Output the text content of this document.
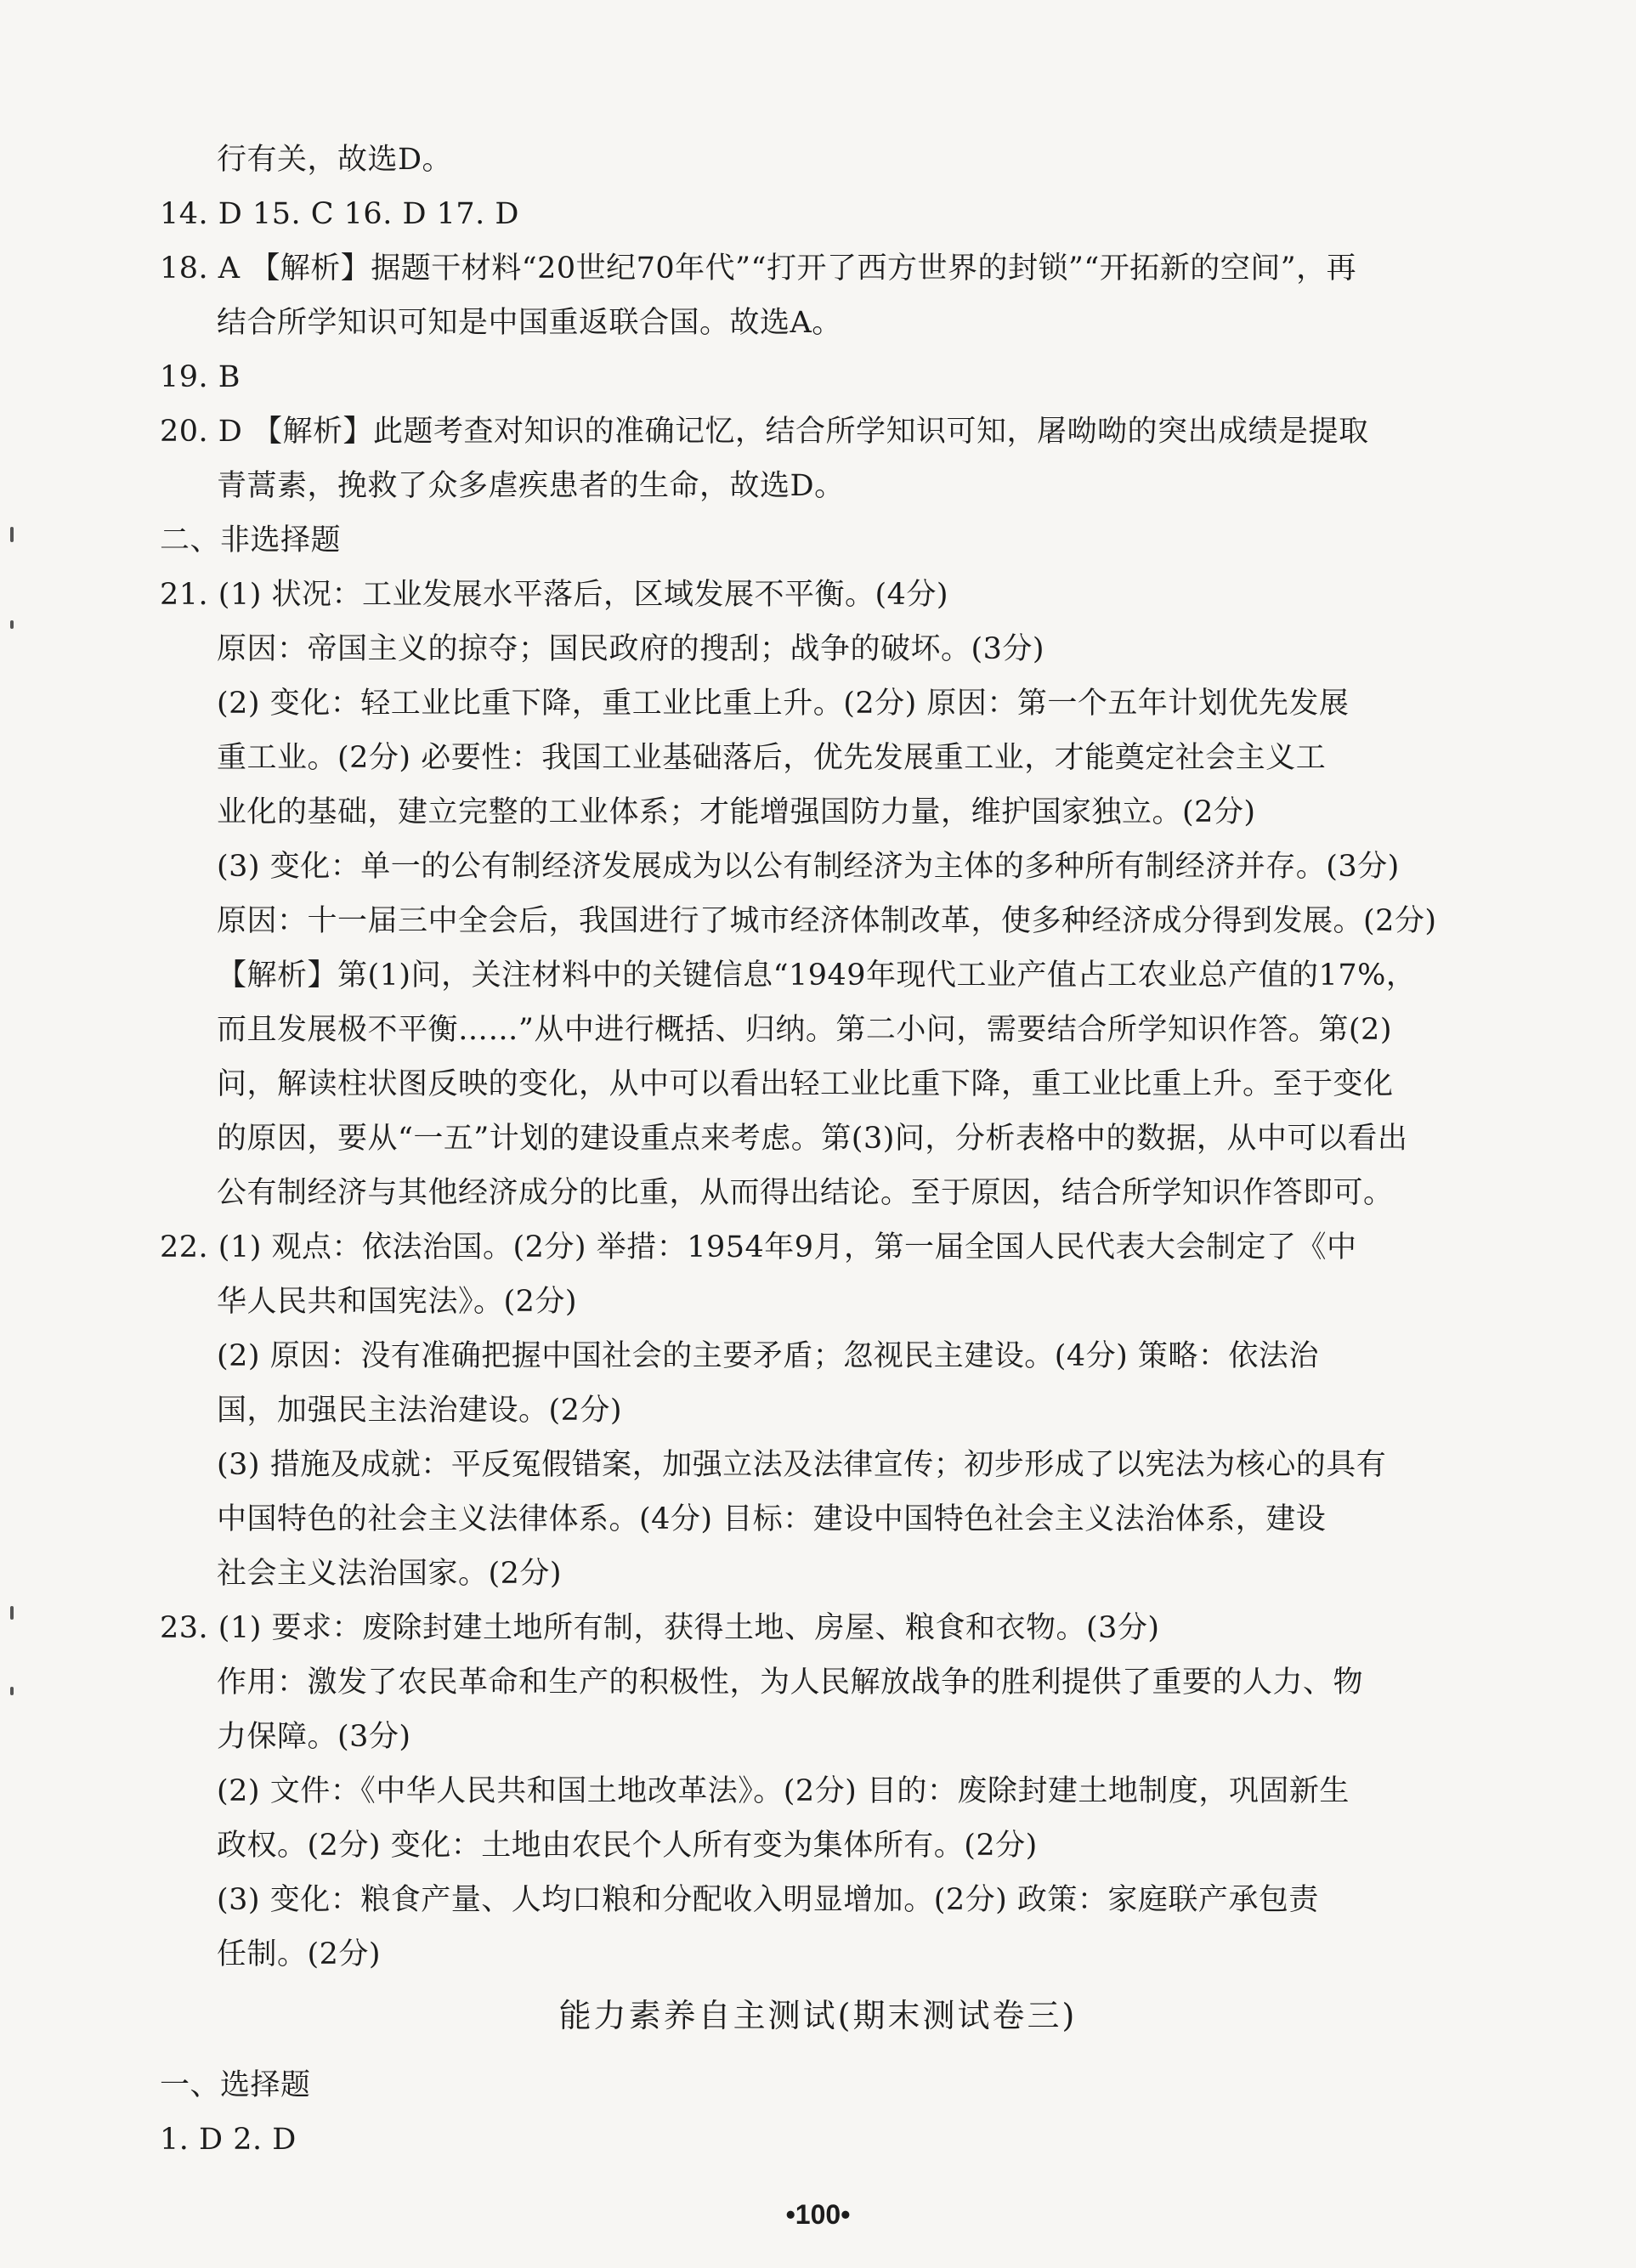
行有关，故选D。
14. D 15. C 16. D 17. D
18. A 【解析】据题干材料“20世纪70年代”“打开了西方世界的封锁”“开拓新的空间”，再
结合所学知识可知是中国重返联合国。故选A。
19. B
20. D 【解析】此题考查对知识的准确记忆，结合所学知识可知，屠呦呦的突出成绩是提取
青蒿素，挽救了众多虐疾患者的生命，故选D。
二、非选择题
21. (1) 状况：工业发展水平落后，区域发展不平衡。(4分)
原因：帝国主义的掠夺；国民政府的搜刮；战争的破坏。(3分)
(2) 变化：轻工业比重下降，重工业比重上升。(2分) 原因：第一个五年计划优先发展
重工业。(2分) 必要性：我国工业基础落后，优先发展重工业，才能奠定社会主义工
业化的基础，建立完整的工业体系；才能增强国防力量，维护国家独立。(2分)
(3) 变化：单一的公有制经济发展成为以公有制经济为主体的多种所有制经济并存。(3分)
原因：十一届三中全会后，我国进行了城市经济体制改革，使多种经济成分得到发展。(2分)
【解析】第(1)问，关注材料中的关键信息“1949年现代工业产值占工农业总产值的17%，
而且发展极不平衡……”从中进行概括、归纳。第二小问，需要结合所学知识作答。第(2)
问，解读柱状图反映的变化，从中可以看出轻工业比重下降，重工业比重上升。至于变化
的原因，要从“一五”计划的建设重点来考虑。第(3)问，分析表格中的数据，从中可以看出
公有制经济与其他经济成分的比重，从而得出结论。至于原因，结合所学知识作答即可。
22. (1) 观点：依法治国。(2分) 举措：1954年9月，第一届全国人民代表大会制定了《中
华人民共和国宪法》。(2分)
(2) 原因：没有准确把握中国社会的主要矛盾；忽视民主建设。(4分) 策略：依法治
国，加强民主法治建设。(2分)
(3) 措施及成就：平反冤假错案，加强立法及法律宣传；初步形成了以宪法为核心的具有
中国特色的社会主义法律体系。(4分) 目标：建设中国特色社会主义法治体系，建设
社会主义法治国家。(2分)
23. (1) 要求：废除封建土地所有制，获得土地、房屋、粮食和衣物。(3分)
作用：激发了农民革命和生产的积极性，为人民解放战争的胜利提供了重要的人力、物
力保障。(3分)
(2) 文件：《中华人民共和国土地改革法》。(2分) 目的：废除封建土地制度，巩固新生
政权。(2分) 变化：土地由农民个人所有变为集体所有。(2分)
(3) 变化：粮食产量、人均口粮和分配收入明显增加。(2分) 政策：家庭联产承包责
任制。(2分)
能力素养自主测试(期末测试卷三)
一、选择题
1. D 2. D
•100•
